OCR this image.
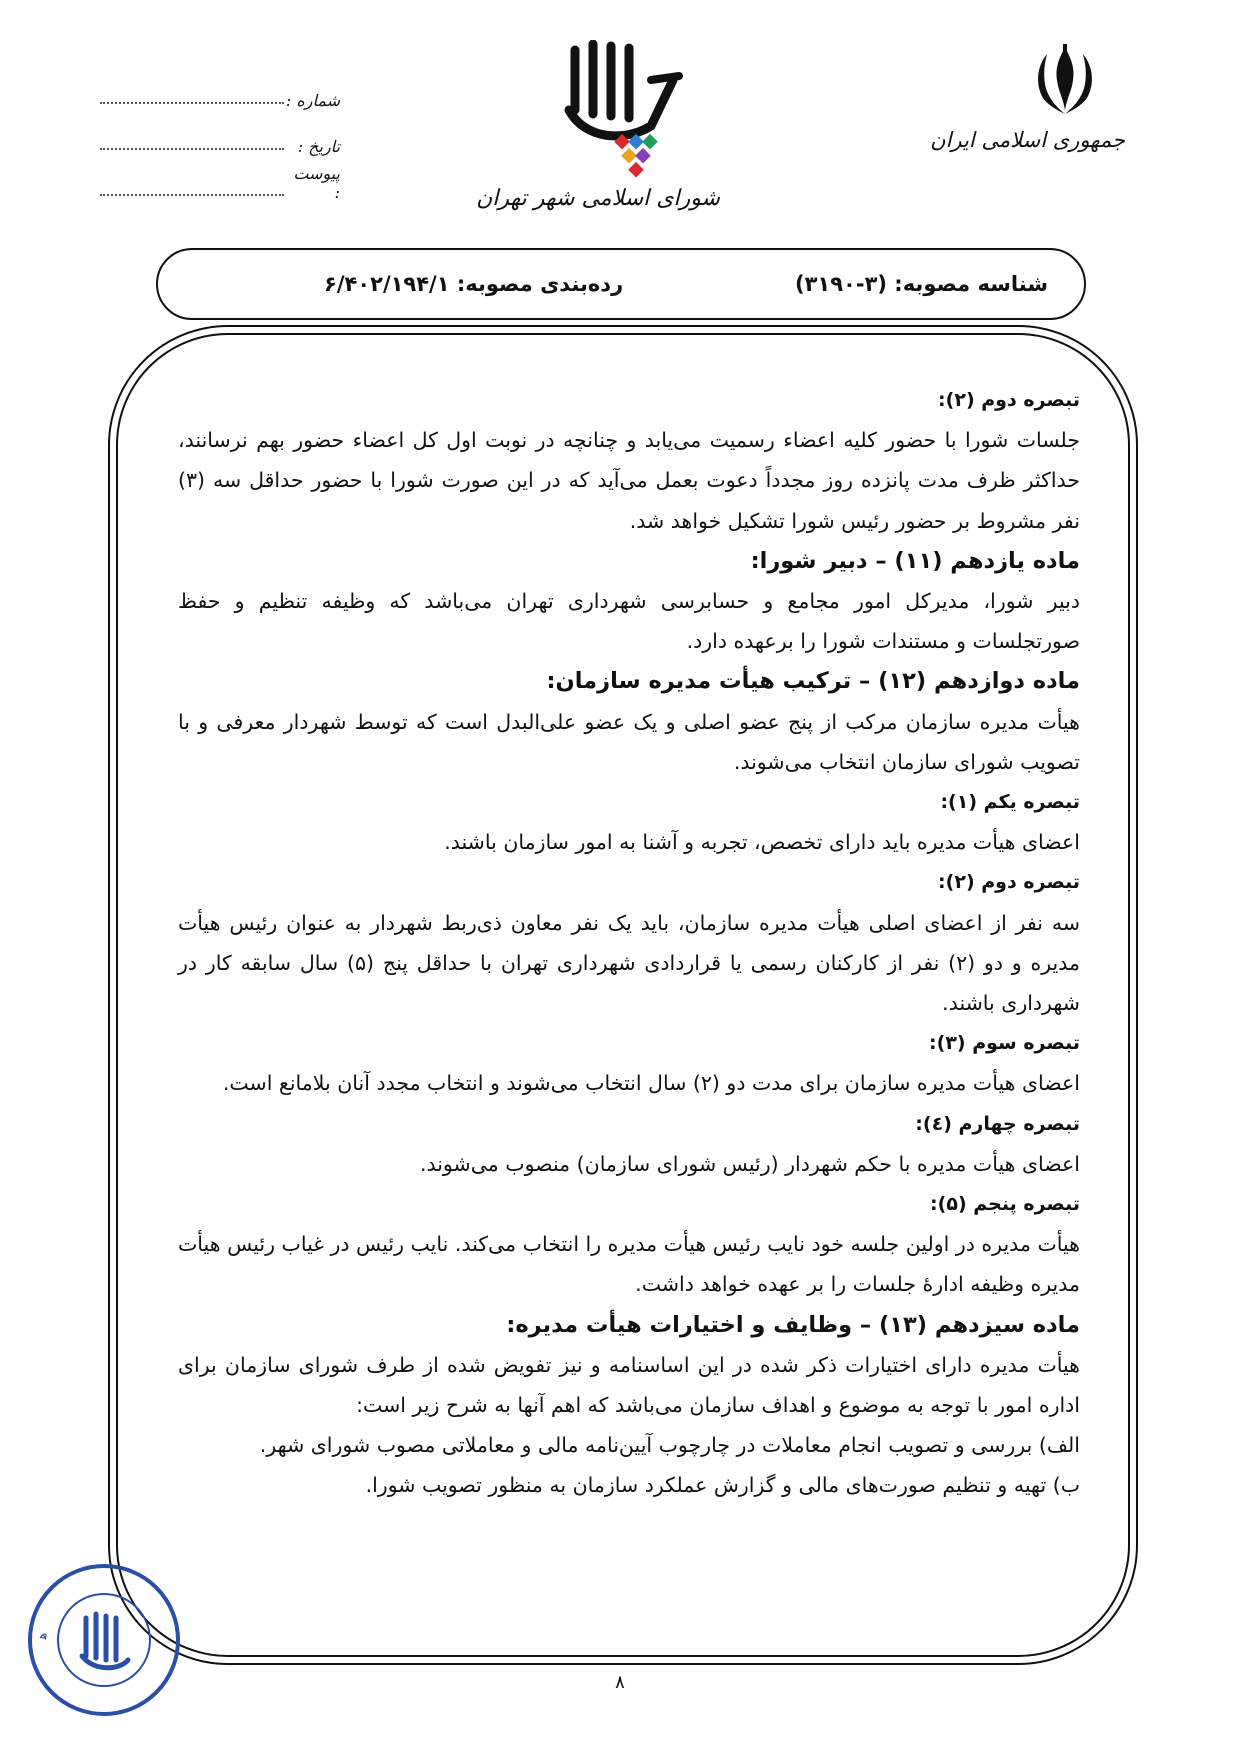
جمهوری اسلامی ایران
شورای اسلامی شهر تهران
شماره :
تاریخ :
پیوست :
شناسه مصوبه: (۳-۳۱۹۰)
رده‌بندی مصوبه: ۶/۴۰۲/۱۹۴/۱

تبصره دوم (۲):

جلسات شورا با حضور کلیه اعضاء رسمیت می‌یابد و چنانچه در نوبت اول کل اعضاء حضور بهم نرسانند، حداکثر ظرف مدت پانزده روز مجدداً دعوت بعمل می‌آید که در این صورت شورا با حضور حداقل سه (۳) نفر مشروط بر حضور رئیس شورا تشکیل خواهد شد.

ماده یازدهم (۱۱) – دبیر شورا:

دبیر شورا، مدیرکل امور مجامع و حسابرسی شهرداری تهران می‌باشد که وظیفه تنظیم و حفظ صورتجلسات و مستندات شورا را برعهده دارد.

ماده دوازدهم (۱۲) – ترکیب هیأت مدیره سازمان:

هیأت مدیره سازمان مرکب از پنج عضو اصلی و یک عضو علی‌البدل است که توسط شهردار معرفی و با تصویب شورای سازمان انتخاب می‌شوند.

تبصره یکم (۱):

اعضای هیأت مدیره باید دارای تخصص، تجربه و آشنا به امور سازمان باشند.

تبصره دوم (۲):

سه نفر از اعضای اصلی هیأت مدیره سازمان، باید یک نفر معاون ذی‌ربط شهردار به عنوان رئیس هیأت مدیره و دو (۲) نفر از کارکنان رسمی یا قراردادی شهرداری تهران با حداقل پنج (۵) سال سابقه کار در شهرداری باشند.

تبصره سوم (۳):

اعضای هیأت مدیره سازمان برای مدت دو (۲) سال انتخاب می‌شوند و انتخاب مجدد آنان بلامانع است.

تبصره چهارم (٤):

اعضای هیأت مدیره با حکم شهردار (رئیس شورای سازمان) منصوب می‌شوند.

تبصره پنجم (۵):

هیأت مدیره در اولین جلسه خود نایب رئیس هیأت مدیره را انتخاب می‌کند. نایب رئیس در غیاب رئیس هیأت مدیره وظیفه ادارهٔ جلسات را بر عهده خواهد داشت.

ماده سیزدهم (۱۳) – وظایف و اختیارات هیأت مدیره:

هیأت مدیره دارای اختیارات ذکر شده در این اساسنامه و نیز تفویض شده از طرف شورای سازمان برای اداره امور با توجه به موضوع و اهداف سازمان می‌باشد که اهم آنها به شرح زیر است:

الف) بررسی و تصویب انجام معاملات در چارچوب آیین‌نامه مالی و معاملاتی مصوب شورای شهر.

ب) تهیه و تنظیم صورت‌های مالی و گزارش عملکرد سازمان به منظور تصویب شورا.

ه
۸
